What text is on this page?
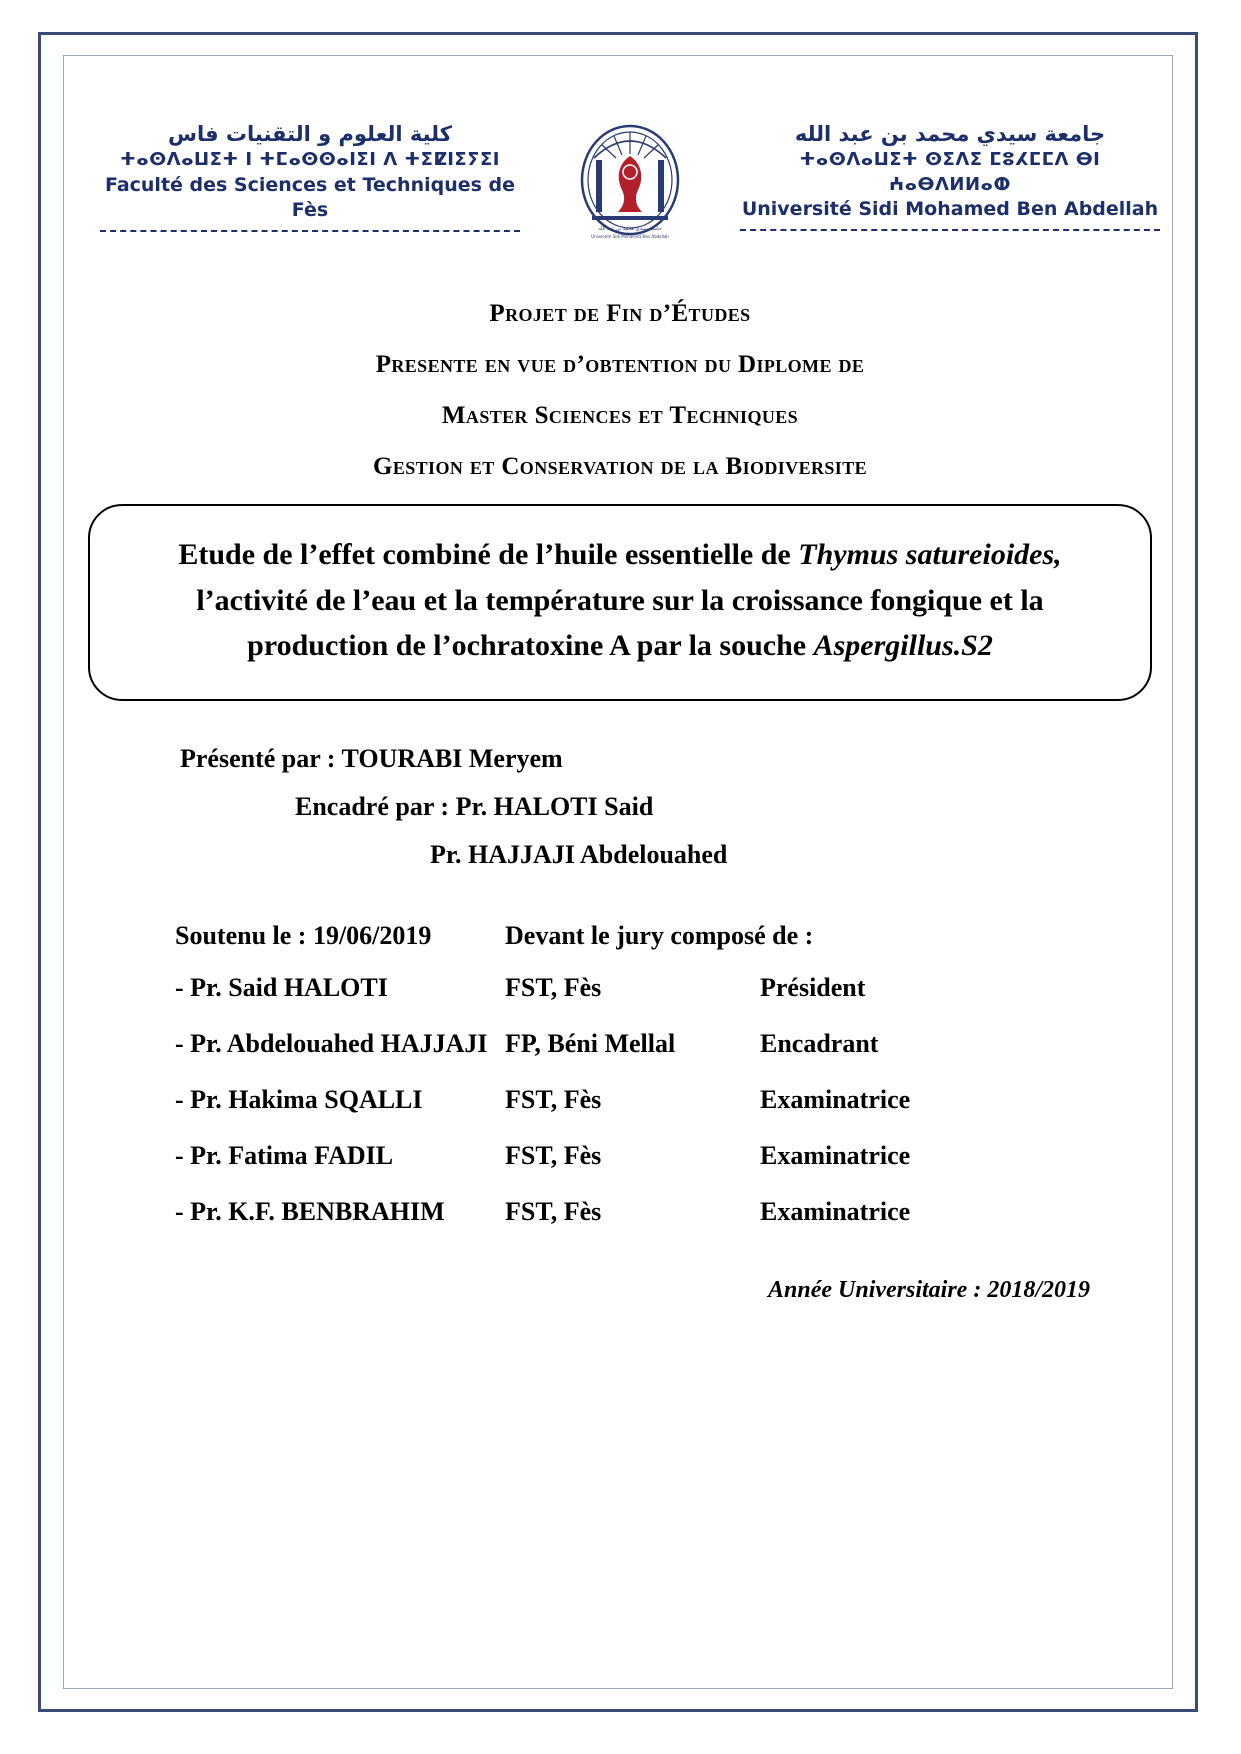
كلية العلوم و التقنيات فاس
ⵜⴰⵙⴷⴰⵡⵉⵜ ⵏ ⵜⵎⴰⵙⵙⴰⵏⵉⵏ ⴷ ⵜⵉⵇⵏⵉⵢⵉⵏ
Faculté des Sciences et Techniques de Fès
جامعة سيدي محمد بن عبد الله
Université Sidi Mohamed Ben Abdellah
جامعة سيدي محمد بن عبد الله
ⵜⴰⵙⴷⴰⵡⵉⵜ ⵙⵉⴷⵉ ⵎⵓⵃⵎⵎⴷ ⴱⵏ ⵄⴰⴱⴷⵍⵍⴰⵀ
Université Sidi Mohamed Ben Abdellah
Projet de Fin d’Études
Presente en vue d’obtention du Diplome de
Master Sciences et Techniques
Gestion et Conservation de la Biodiversite
Etude de l’effet combiné de l’huile essentielle de Thymus satureioides, l’activité de l’eau et la température sur la croissance fongique et la production de l’ochratoxine A par la souche Aspergillus.S2
Présenté par : TOURABI Meryem
Encadré par : Pr. HALOTI Said
Pr. HAJJAJI Abdelouahed
Soutenu le : 19/06/2019	Devant le jury composé de :
- Pr. Said HALOTI	FST, Fès	Président
- Pr. Abdelouahed HAJJAJI FP, Béni Mellal	Encadrant
- Pr. Hakima SQALLI	FST, Fès	Examinatrice
- Pr. Fatima FADIL	FST, Fès	Examinatrice
- Pr. K.F. BENBRAHIM	FST, Fès	Examinatrice
Année Universitaire : 2018/2019
